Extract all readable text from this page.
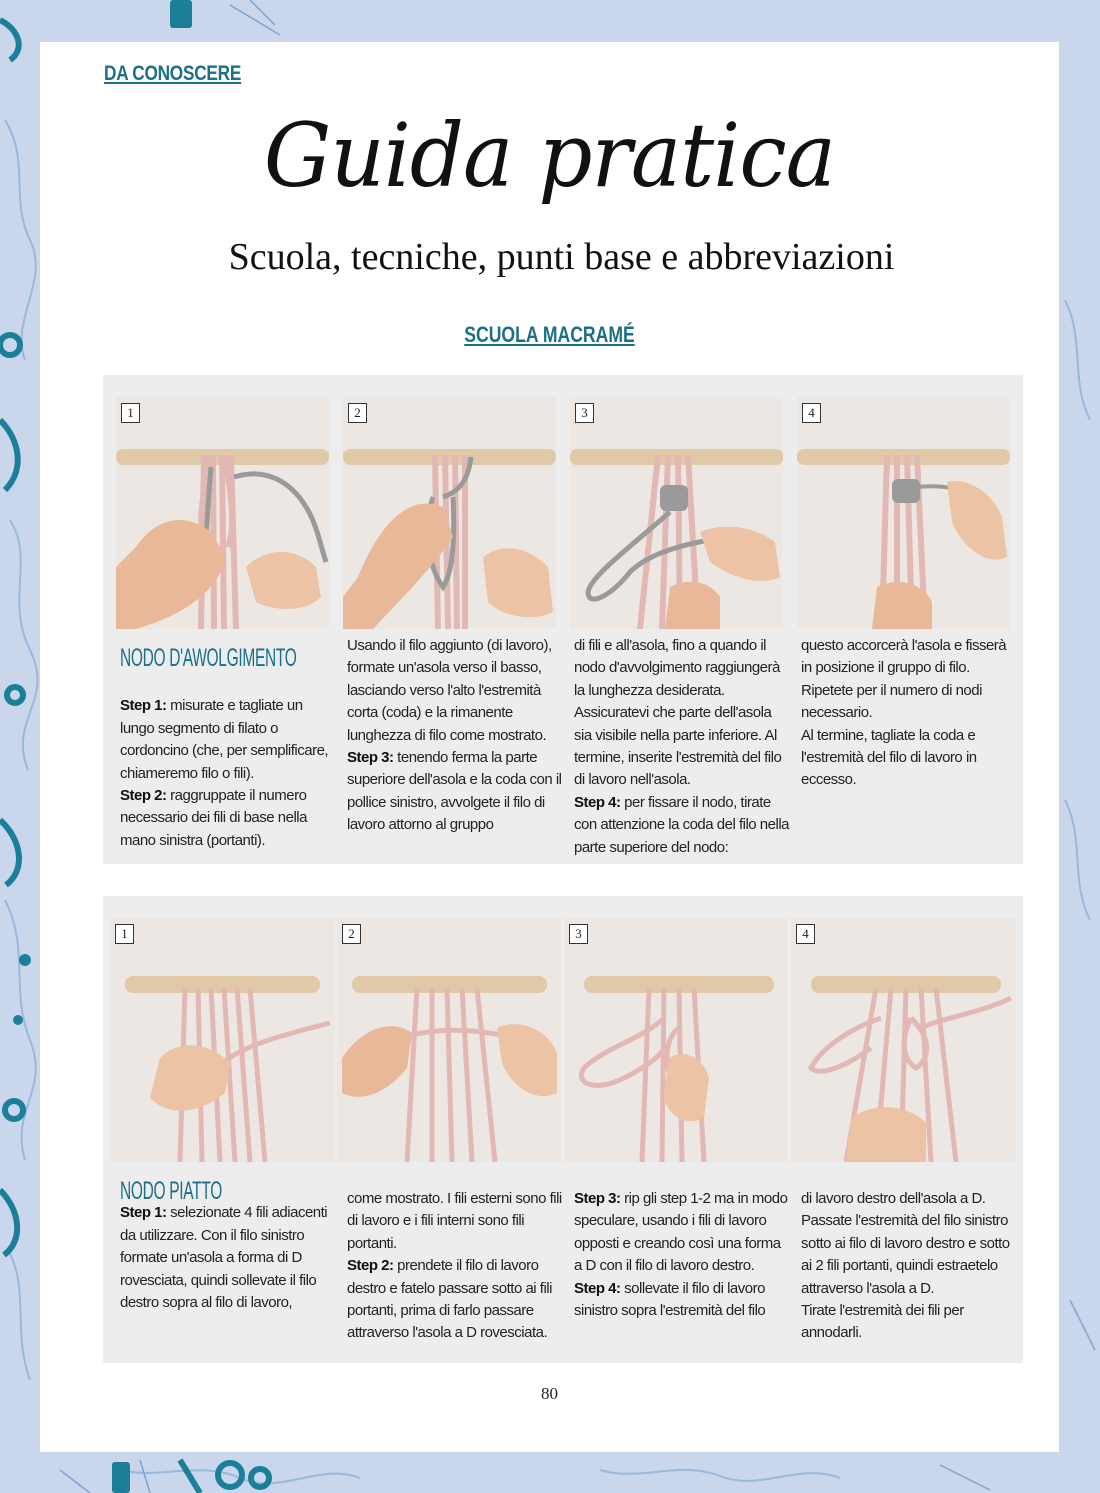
DA CONOSCERE
Guida pratica
Scuola, tecniche, punti base e abbreviazioni
SCUOLA MACRAMÉ
1	2	3	4
NODO D'AWOLGIMENTO

Step 1: misurate e tagliate un lungo segmento di filato o cordoncino (che, per semplificare, chiameremo filo o fili).

Step 2: raggruppate il numero necessario dei fili di base nella mano sinistra (portanti).

Usando il filo aggiunto (di lavoro), formate un'asola verso il basso, lasciando verso l'alto l'estremità corta (coda) e la rimanente lunghezza di filo come mostrato.

Step 3: tenendo ferma la parte superiore dell'asola e la coda con il pollice sinistro, avvolgete il filo di lavoro attorno al gruppo

di fili e all'asola, fino a quando il nodo d'avvolgimento raggiungerà la lunghezza desiderata. Assicuratevi che parte dell'asola sia visibile nella parte inferiore. Al termine, inserite l'estremità del filo di lavoro nell'asola.

Step 4: per fissare il nodo, tirate con attenzione la coda del filo nella parte superiore del nodo:

questo accorcerà l'asola e fisserà in posizione il gruppo di filo. Ripetete per il numero di nodi necessario.

Al termine, tagliate la coda e l'estremità del filo di lavoro in eccesso.

1	2	3	4
NODO PIATTO

Step 1: selezionate 4 fili adiacenti da utilizzare. Con il filo sinistro formate un'asola a forma di D rovesciata, quindi sollevate il filo destro sopra al filo di lavoro,

come mostrato. I fili esterni sono fili di lavoro e i fili interni sono fili portanti.

Step 2: prendete il filo di lavoro destro e fatelo passare sotto ai fili portanti, prima di farlo passare attraverso l'asola a D rovesciata.

Step 3: rip gli step 1-2 ma in modo speculare, usando i fili di lavoro opposti e creando così una forma a D con il filo di lavoro destro.

Step 4: sollevate il filo di lavoro sinistro sopra l'estremità del filo

di lavoro destro dell'asola a D. Passate l'estremità del filo sinistro sotto ai filo di lavoro destro e sotto ai 2 fili portanti, quindi estraetelo attraverso l'asola a D.

Tirate l'estremità dei fili per annodarli.

80
